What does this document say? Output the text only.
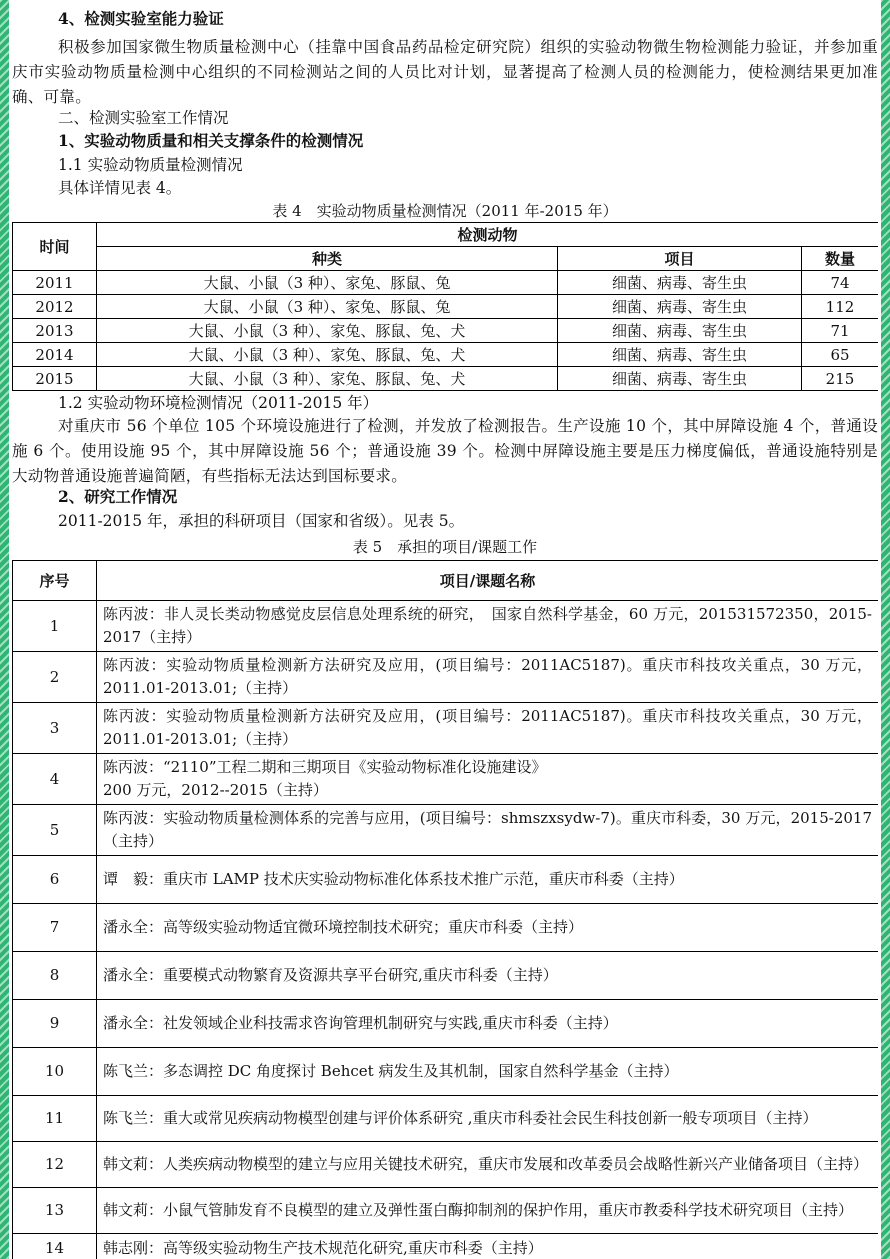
4、检测实验室能力验证
积极参加国家微生物质量检测中心（挂靠中国食品药品检定研究院）组织的实验动物微生物检测能力验证，并参加重庆市实验动物质量检测中心组织的不同检测站之间的人员比对计划，显著提高了检测人员的检测能力，使检测结果更加准确、可靠。
二、检测实验室工作情况
1、实验动物质量和相关支撑条件的检测情况
1.1 实验动物质量检测情况
具体详情见表 4。
表 4　实验动物质量检测情况（2011 年-2015 年）
时间	检测动物		
	种类	项目	数量
2011	大鼠、小鼠（3 种）、家兔、豚鼠、兔	细菌、病毒、寄生虫	74
2012	大鼠、小鼠（3 种）、家兔、豚鼠、兔	细菌、病毒、寄生虫	112
2013	大鼠、小鼠（3 种）、家兔、豚鼠、兔、犬	细菌、病毒、寄生虫	71
2014	大鼠、小鼠（3 种）、家兔、豚鼠、兔、犬	细菌、病毒、寄生虫	65
2015	大鼠、小鼠（3 种）、家兔、豚鼠、兔、犬	细菌、病毒、寄生虫	215
1.2 实验动物环境检测情况（2011-2015 年）
对重庆市 56 个单位 105 个环境设施进行了检测，并发放了检测报告。生产设施 10 个，其中屏障设施 4 个，普通设施 6 个。使用设施 95 个，其中屏障设施 56 个；普通设施 39 个。检测中屏障设施主要是压力梯度偏低，普通设施特别是大动物普通设施普遍简陋，有些指标无法达到国标要求。
2、研究工作情况
2011-2015 年，承担的科研项目（国家和省级）。见表 5。
表 5　承担的项目/课题工作
序号	项目/课题名称
1	陈丙波：非人灵长类动物感觉皮层信息处理系统的研究，　国家自然科学基金，60 万元，201531572350，2015-2017（主持）
2	陈丙波：实验动物质量检测新方法研究及应用，(项目编号：2011AC5187)。重庆市科技攻关重点，30 万元，2011.01-2013.01;（主持）
3	陈丙波：实验动物质量检测新方法研究及应用，(项目编号：2011AC5187)。重庆市科技攻关重点，30 万元，2011.01-2013.01;（主持）
4	陈丙波：“2110”工程二期和三期项目《实验动物标准化设施建设》
200 万元，2012--2015（主持）
5	陈丙波：实验动物质量检测体系的完善与应用，(项目编号：shmszxsydw-7)。重庆市科委，30 万元，2015-2017（主持）
6	谭　毅：重庆市 LAMP 技术庆实验动物标准化体系技术推广示范，重庆市科委（主持）
7	潘永全：高等级实验动物适宜微环境控制技术研究；重庆市科委（主持）
8	潘永全：重要模式动物繁育及资源共享平台研究,重庆市科委（主持）
9	潘永全：社发领域企业科技需求咨询管理机制研究与实践,重庆市科委（主持）
10	陈飞兰：多态调控 DC 角度探讨 Behcet 病发生及其机制，国家自然科学基金（主持）
11	陈飞兰：重大或常见疾病动物模型创建与评价体系研究 ,重庆市科委社会民生科技创新一般专项项目（主持）
12	韩文莉：人类疾病动物模型的建立与应用关键技术研究，重庆市发展和改革委员会战略性新兴产业储备项目（主持）
13	韩文莉：小鼠气管肺发育不良模型的建立及弹性蛋白酶抑制剂的保护作用，重庆市教委科学技术研究项目（主持）
14	韩志刚：高等级实验动物生产技术规范化研究,重庆市科委（主持）
